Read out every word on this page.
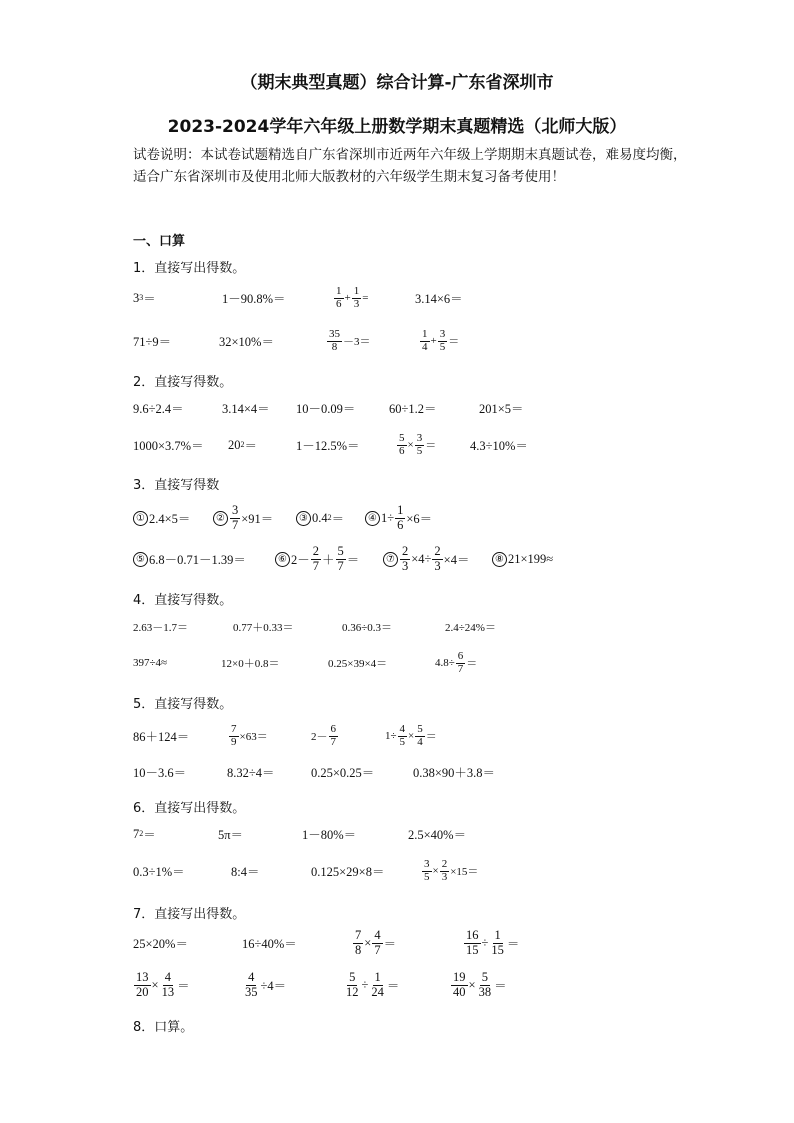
（期末典型真题）综合计算-广东省深圳市
2023-2024学年六年级上册数学期末真题精选（北师大版）
试卷说明：本试卷试题精选自广东省深圳市近两年六年级上学期期末真题试卷，难易度均衡，适合广东省深圳市及使用北师大版教材的六年级学生期末复习备考使用！
一、口算
1．直接写出得数。
3 3 ＝	1－90.8%＝	$\frac{1}{6} + \frac{1}{3}$ =	3.14×6＝
71÷9＝	32×10%＝	$\frac{35}{8} -3=$	$\frac{1}{4} + \frac{3}{5}$ ＝
2．直接写得数。
9.6÷2.4＝	3.14×4＝ 10－0.09＝	60÷1.2＝	201×5＝
1000×3.7%＝ 20 2 ＝	1－12.5%＝	$\frac{5}{6} \times \frac{3}{5}$ ＝	4.3÷10%＝
3．直接写得数
① 2.4×5＝	② $\frac{3}{7} \times 91=$	③ 0.4 2 ＝	④ $1\div \frac{1}{6} \times 6=$
⑤ 6.8－0.71－1.39＝	⑥ $2- \frac{2}{7} + \frac{5}{7}$ ＝	⑦ $\frac{2}{3} \times 4\div \frac{2}{3} \times 4=$	⑧ 21×199≈
4．直接写得数。
2.63－1.7＝	0.77＋0.33＝	0.36÷0.3＝	2.4÷24%＝
397÷4≈	12×0＋0.8＝	0.25×39×4＝	$4.8\div \frac{6}{7}$ ＝
5．直接写得数。
86＋124＝	$\frac{7}{9} \times 63=$	$2- \frac{6}{7}$	$1\div \frac{4}{5} \times \frac{5}{4}$ ＝
10－3.6＝	8.32÷4＝	0.25×0.25＝	0.38×90＋3.8＝
6．直接写出得数。
7 2 ＝	5π＝	1－80%＝	2.5×40%＝
0.3÷1%＝	8:4＝	0.125×29×8＝	$\frac{3}{5} \times \frac{2}{3} \times 15=$
7．直接写出得数。
25×20%＝	16÷40%＝	$\frac{7}{8} \times \frac{4}{7}$ ＝	$\frac{16}{15} \div \frac{1}{15}$ ＝
$\frac{13}{20} \times \frac{4}{13}$ ＝	$\frac{4}{35} \div 4=$	$\frac{5}{12} \div \frac{1}{24}$ ＝	$\frac{19}{40} \times \frac{5}{38}$ ＝
8．口算。
